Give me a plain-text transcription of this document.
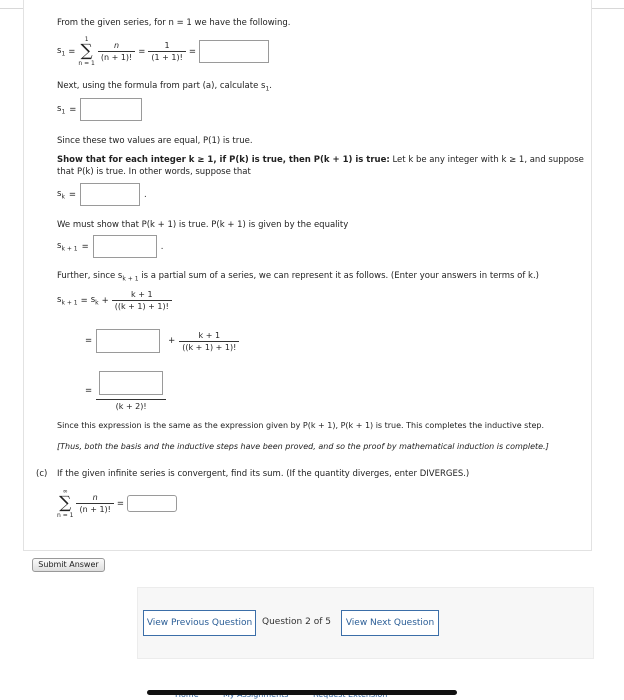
From the given series, for n = 1 we have the following.
$s_1$ =
1
∑
n = 1
$\frac{n}{(n + 1)!} = \frac{1}{(1 + 1)!}$ =
Next, using the formula from part (a), calculate $s_1$.
$s_1$ =
Since these two values are equal, P(1) is true.
Show that for each integer k ≥ 1, if P(k) is true, then P(k + 1) is true: Let k be any integer with k ≥ 1, and suppose
that P(k) is true. In other words, suppose that
$s_k$ =	.
We must show that P(k + 1) is true. P(k + 1) is given by the equality
$s_{k + 1}$ =	.
Further, since $s_{k + 1}$ is a partial sum of a series, we can represent it as follows. (Enter your answers in terms of k.)
$s_{k + 1} = s_k + \frac{k + 1}{((k + 1) + 1)!}$
=	+ $\frac{k + 1}{((k + 1) + 1)!}$
=
(k + 2)!
Since this expression is the same as the expression given by P(k + 1), P(k + 1) is true. This completes the inductive step.
[Thus, both the basis and the inductive steps have been proved, and so the proof by mathematical induction is complete.]
(c) If the given infinite series is convergent, find its sum. (If the quantity diverges, enter DIVERGES.)
∞
∑
n = 1
$\frac{n}{(n + 1)!}$ =
Submit Answer
View Previous Question	Question 2 of 5	View Next Question
